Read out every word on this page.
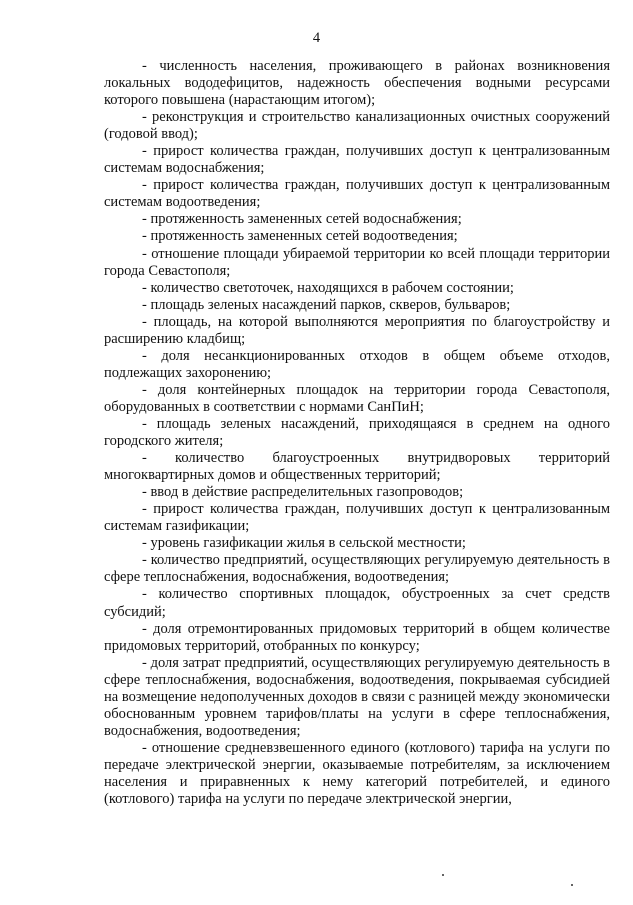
4

- численность населения, проживающего в районах возникновения локальных вододефицитов, надежность обеспечения водными ресурсами которого повышена (нарастающим итогом);

- реконструкция и строительство канализационных очистных сооружений (годовой ввод);

- прирост количества граждан, получивших доступ к централизованным системам водоснабжения;

- прирост количества граждан, получивших доступ к централизованным системам водоотведения;

- протяженность замененных сетей водоснабжения;

- протяженность замененных сетей водоотведения;

- отношение площади убираемой территории ко всей площади территории города Севастополя;

- количество светоточек, находящихся в рабочем состоянии;

- площадь зеленых насаждений парков, скверов, бульваров;

- площадь, на которой выполняются мероприятия по благоустройству и расширению кладбищ;

- доля несанкционированных отходов в общем объеме отходов, подлежащих захоронению;

- доля контейнерных площадок на территории города Севастополя, оборудованных в соответствии с нормами СанПиН;

- площадь зеленых насаждений, приходящаяся в среднем на одного городского жителя;

- количество благоустроенных внутридворовых территорий многоквартирных домов и общественных территорий;

- ввод в действие распределительных газопроводов;

- прирост количества граждан, получивших доступ к централизованным системам газификации;

- уровень газификации жилья в сельской местности;

- количество предприятий, осуществляющих регулируемую деятельность в сфере теплоснабжения, водоснабжения, водоотведения;

- количество спортивных площадок, обустроенных за счет средств субсидий;

- доля отремонтированных придомовых территорий в общем количестве придомовых территорий, отобранных по конкурсу;

- доля затрат предприятий, осуществляющих регулируемую деятельность в сфере теплоснабжения, водоснабжения, водоотведения, покрываемая субсидией на возмещение недополученных доходов в связи с разницей между экономически обоснованным уровнем тарифов/платы на услуги в сфере теплоснабжения, водоснабжения, водоотведения;

- отношение средневзвешенного единого (котлового) тарифа на услуги по передаче электрической энергии, оказываемые потребителям, за исключением населения и приравненных к нему категорий потребителей, и единого (котлового) тарифа на услуги по передаче электрической энергии,
